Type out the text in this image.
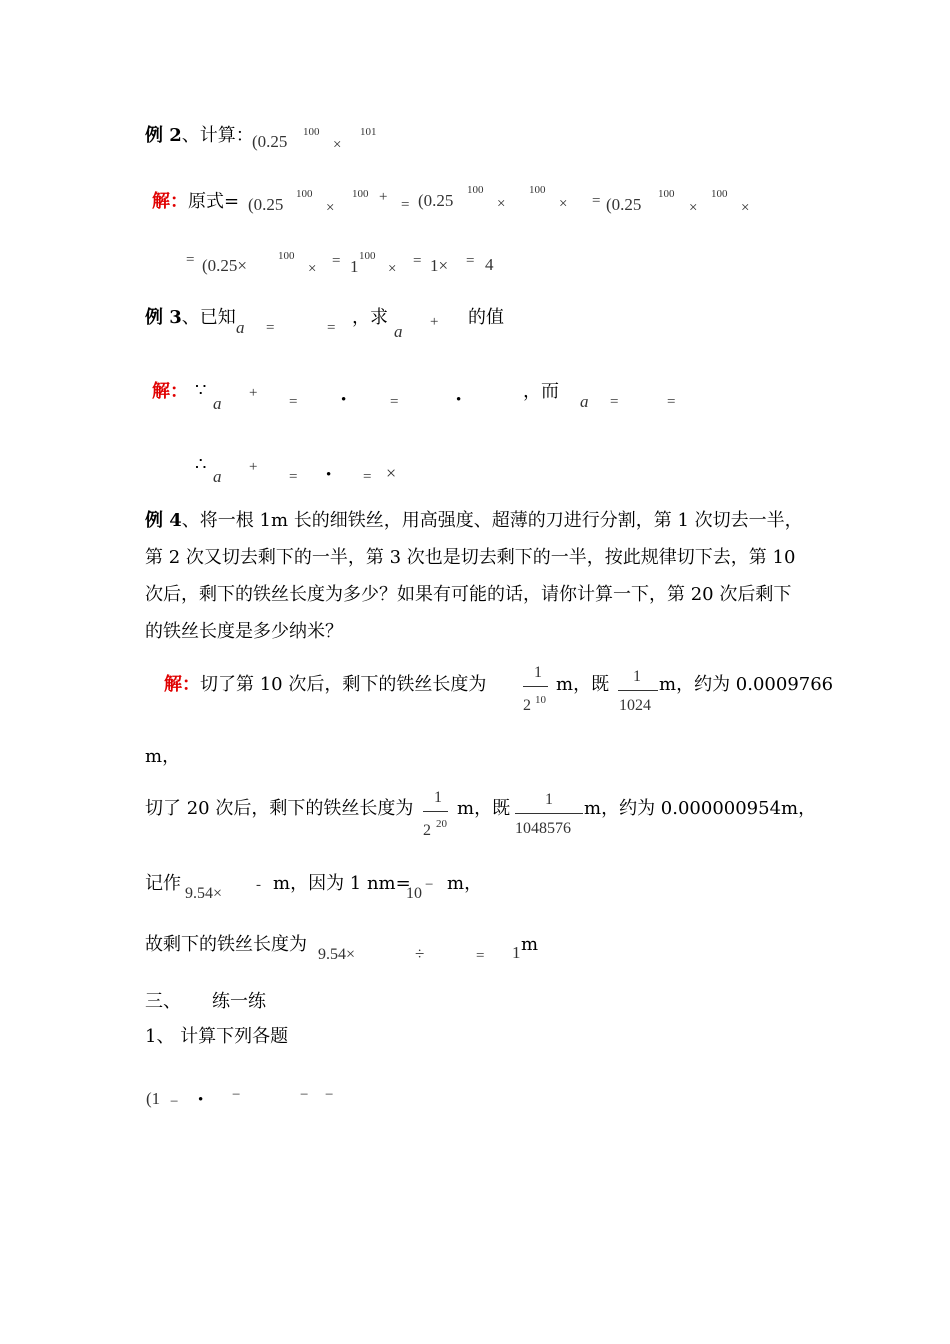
例 2、计算：
(0.25 100
×
101
解：原式= (0.25
100
×
100 + = (0.25
100
×
100
× = (0.25
100
×
100
×
= (0.25×	100
× = 1
100
× = 1× = 4
例 3、已知 a =	= ，求
a + 的值
解： ∵
a
+
=	•	=	•	，而 a =	=
∴
a +
= • = ×
例 4、将一根 1m 长的细铁丝，用高强度、超薄的刀进行分割，第 1 次切去一半，
第 2 次又切去剩下的一半，第 3 次也是切去剩下的一半，按此规律切下去，第 10
次后，剩下的铁丝长度为多少？如果有可能的话，请你计算一下，第 20 次后剩下
的铁丝长度是多少纳米？
解：切了第 10 次后，剩下的铁丝长度为
1
2 10
m，既 1
1024
m，约为 0.0009766
m，
切了 20 次后，剩下的铁丝长度为
1
2 20
m，既 1
1048576
m，约为 0.000000954m，
记作 9.54× - m，因为 1 nm=
10 − m，
故剩下的铁丝长度为 9.54×	÷	= 1 m
三、 练一练
1、 计算下列各题
(1 − • −	− −
